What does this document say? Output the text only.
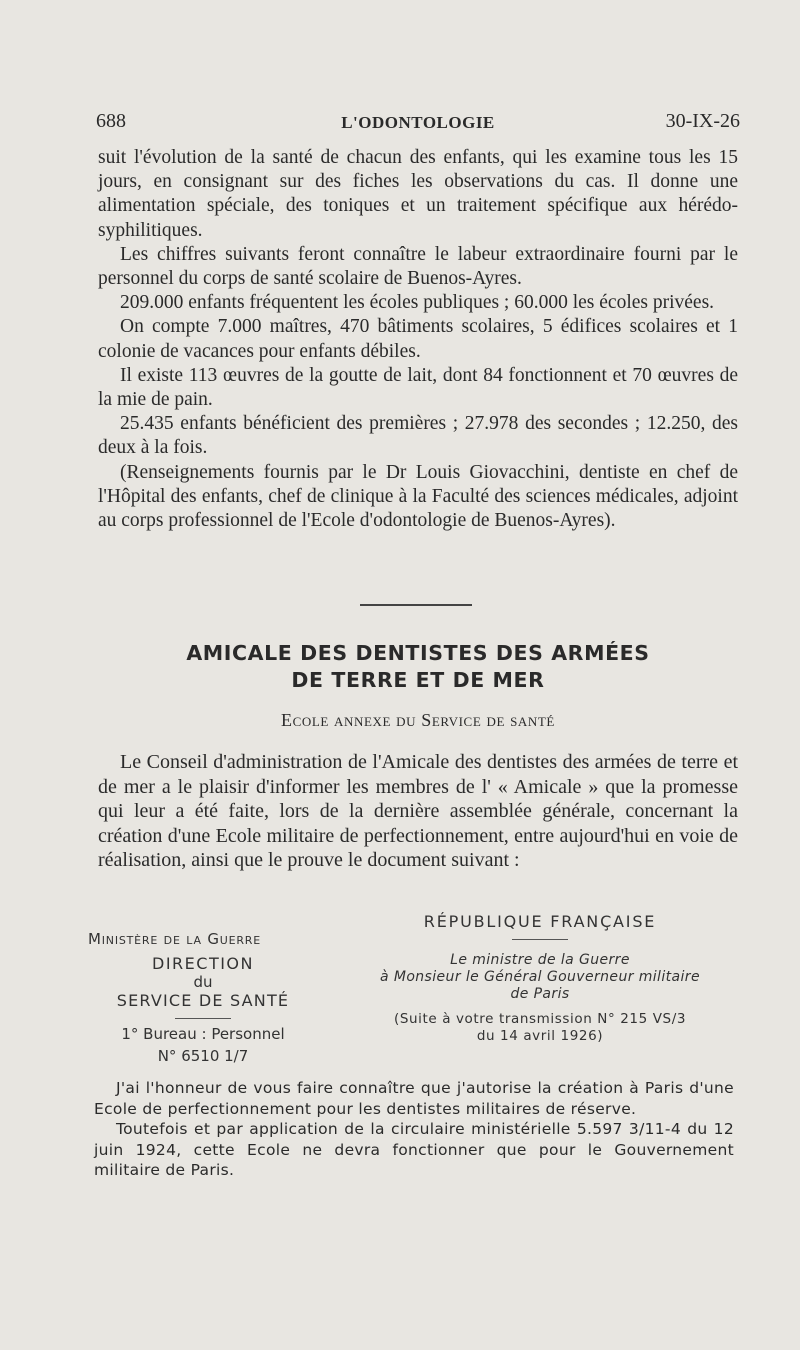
688	L'ODONTOLOGIE	30-IX-26

suit l'évolution de la santé de chacun des enfants, qui les examine tous les 15 jours, en consignant sur des fiches les observations du cas. Il donne une alimentation spéciale, des toniques et un traitement spécifique aux hérédo-syphilitiques.

Les chiffres suivants feront connaître le labeur extraordinaire fourni par le personnel du corps de santé scolaire de Buenos-Ayres.

209.000 enfants fréquentent les écoles publiques ; 60.000 les écoles privées.

On compte 7.000 maîtres, 470 bâtiments scolaires, 5 édifices scolaires et 1 colonie de vacances pour enfants débiles.

Il existe 113 œuvres de la goutte de lait, dont 84 fonctionnent et 70 œuvres de la mie de pain.

25.435 enfants bénéficient des premières ; 27.978 des secondes ; 12.250, des deux à la fois.

(Renseignements fournis par le Dr Louis Giovacchini, dentiste en chef de l'Hôpital des enfants, chef de clinique à la Faculté des sciences médicales, adjoint au corps professionnel de l'Ecole d'odontologie de Buenos-Ayres).

AMICALE DES DENTISTES DES ARMÉES
DE TERRE ET DE MER
Ecole annexe du Service de santé

Le Conseil d'administration de l'Amicale des dentistes des armées de terre et de mer a le plaisir d'informer les membres de l' « Amicale » que la promesse qui leur a été faite, lors de la dernière assemblée générale, concernant la création d'une Ecole militaire de perfectionnement, entre aujourd'hui en voie de réalisation, ainsi que le prouve le document suivant :

Ministère de la Guerre
DIRECTION
du
SERVICE DE SANTÉ
1° Bureau : Personnel
N° 6510 1/7
RÉPUBLIQUE FRANÇAISE
Le ministre de la Guerre
à Monsieur le Général Gouverneur militaire
de Paris
(Suite à votre transmission N° 215 VS/3
du 14 avril 1926)

J'ai l'honneur de vous faire connaître que j'autorise la création à Paris d'une Ecole de perfectionnement pour les dentistes militaires de réserve.

Toutefois et par application de la circulaire ministérielle 5.597 3/11-4 du 12 juin 1924, cette Ecole ne devra fonctionner que pour le Gouvernement militaire de Paris.
